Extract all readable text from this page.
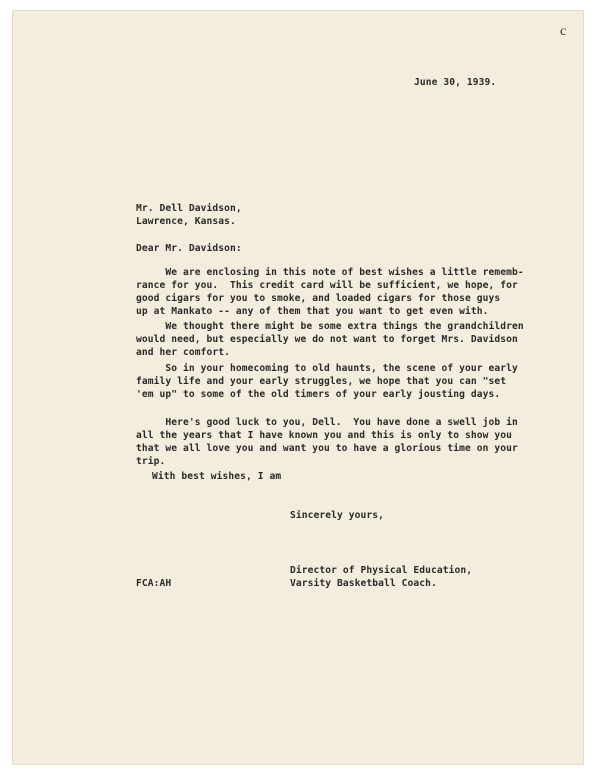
c
June 30, 1939.
Mr. Dell Davidson,
Lawrence, Kansas.
Dear Mr. Davidson:
We are enclosing in this note of best wishes a little rememb-
rance for you.  This credit card will be sufficient, we hope, for
good cigars for you to smoke, and loaded cigars for those guys
up at Mankato -- any of them that you want to get even with.
We thought there might be some extra things the grandchildren
would need, but especially we do not want to forget Mrs. Davidson
and her comfort.
So in your homecoming to old haunts, the scene of your early
family life and your early struggles, we hope that you can "set
'em up" to some of the old timers of your early jousting days.
Here's good luck to you, Dell.  You have done a swell job in
all the years that I have known you and this is only to show you
that we all love you and want you to have a glorious time on your
trip.
With best wishes, I am
Sincerely yours,
Director of Physical Education,
Varsity Basketball Coach.
FCA:AH
